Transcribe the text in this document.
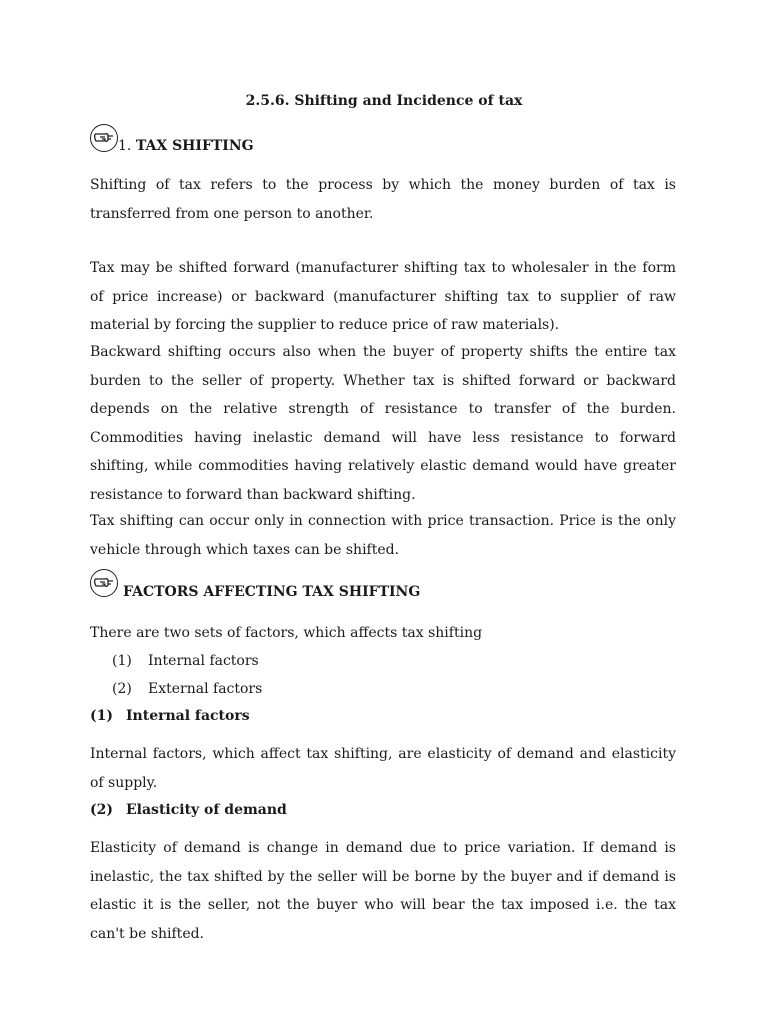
2.5.6. Shifting and Incidence of tax
1. TAX SHIFTING

Shifting of tax refers to the process by which the money burden of tax is transferred from one person to another.

Tax may be shifted forward (manufacturer shifting tax to wholesaler in the form of price increase) or backward (manufacturer shifting tax to supplier of raw material by forcing the supplier to reduce price of raw materials).

Backward shifting occurs also when the buyer of property shifts the entire tax burden to the seller of property. Whether tax is shifted forward or backward depends on the relative strength of resistance to transfer of the burden. Commodities having inelastic demand will have less resistance to forward shifting, while commodities having relatively elastic demand would have greater resistance to forward than backward shifting.

Tax shifting can occur only in connection with price transaction. Price is the only vehicle through which taxes can be shifted.

FACTORS AFFECTING TAX SHIFTING

There are two sets of factors, which affects tax shifting

(1) Internal factors
(2) External factors
(1) Internal factors

Internal factors, which affect tax shifting, are elasticity of demand and elasticity of supply.

(2) Elasticity of demand

Elasticity of demand is change in demand due to price variation. If demand is inelastic, the tax shifted by the seller will be borne by the buyer and if demand is elastic it is the seller, not the buyer who will bear the tax imposed i.e. the tax can't be shifted.
